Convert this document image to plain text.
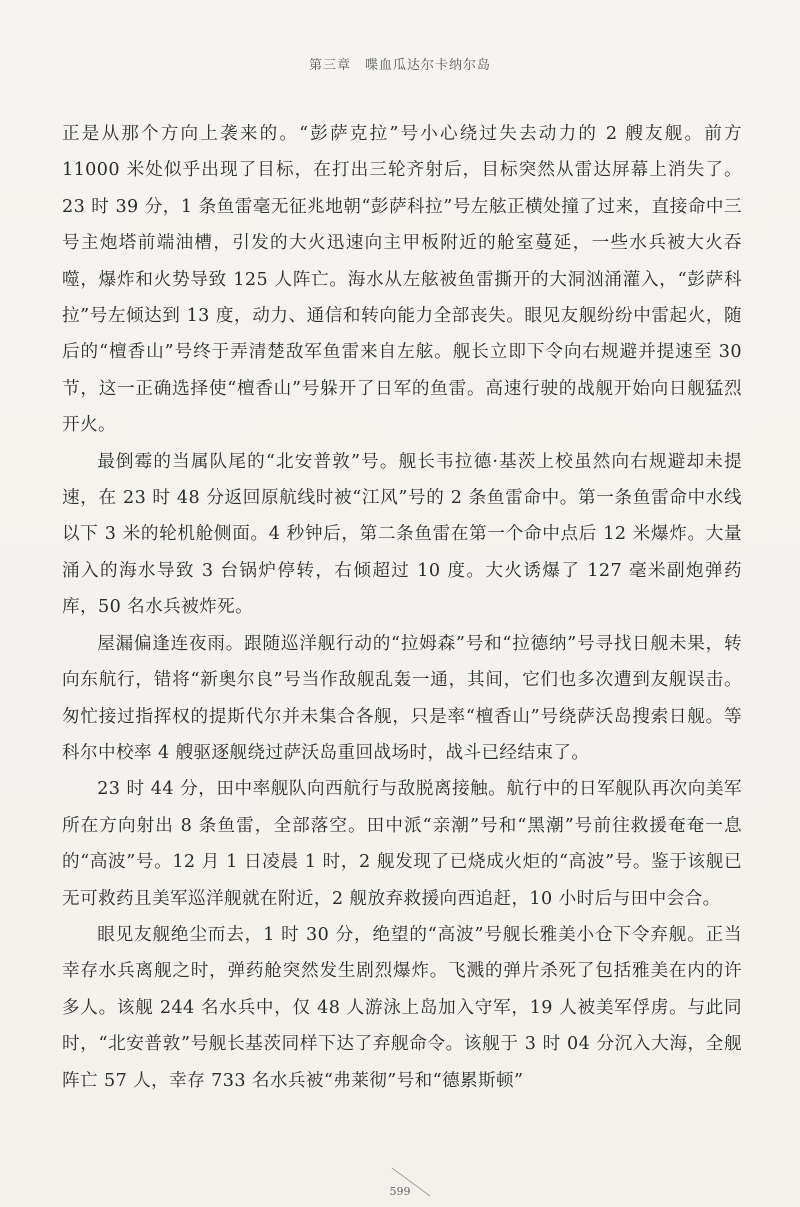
第三章　喋血瓜达尔卡纳尔岛

正是从那个方向上袭来的。“彭萨克拉”号小心绕过失去动力的 2 艘友舰。前方 11000 米处似乎出现了目标，在打出三轮齐射后，目标突然从雷达屏幕上消失了。23 时 39 分，1 条鱼雷毫无征兆地朝“彭萨科拉”号左舷正横处撞了过来，直接命中三号主炮塔前端油槽，引发的大火迅速向主甲板附近的舱室蔓延，一些水兵被大火吞噬，爆炸和火势导致 125 人阵亡。海水从左舷被鱼雷撕开的大洞汹涌灌入，“彭萨科拉”号左倾达到 13 度，动力、通信和转向能力全部丧失。眼见友舰纷纷中雷起火，随后的“檀香山”号终于弄清楚敌军鱼雷来自左舷。舰长立即下令向右规避并提速至 30 节，这一正确选择使“檀香山”号躲开了日军的鱼雷。高速行驶的战舰开始向日舰猛烈开火。

最倒霉的当属队尾的“北安普敦”号。舰长韦拉德·基茨上校虽然向右规避却未提速，在 23 时 48 分返回原航线时被“江风”号的 2 条鱼雷命中。第一条鱼雷命中水线以下 3 米的轮机舱侧面。4 秒钟后，第二条鱼雷在第一个命中点后 12 米爆炸。大量涌入的海水导致 3 台锅炉停转，右倾超过 10 度。大火诱爆了 127 毫米副炮弹药库，50 名水兵被炸死。

屋漏偏逢连夜雨。跟随巡洋舰行动的“拉姆森”号和“拉德纳”号寻找日舰未果，转向东航行，错将“新奥尔良”号当作敌舰乱轰一通，其间，它们也多次遭到友舰误击。匆忙接过指挥权的提斯代尔并未集合各舰，只是率“檀香山”号绕萨沃岛搜索日舰。等科尔中校率 4 艘驱逐舰绕过萨沃岛重回战场时，战斗已经结束了。

23 时 44 分，田中率舰队向西航行与敌脱离接触。航行中的日军舰队再次向美军所在方向射出 8 条鱼雷，全部落空。田中派“亲潮”号和“黑潮”号前往救援奄奄一息的“高波”号。12 月 1 日凌晨 1 时，2 舰发现了已烧成火炬的“高波”号。鉴于该舰已无可救药且美军巡洋舰就在附近，2 舰放弃救援向西追赶，10 小时后与田中会合。

眼见友舰绝尘而去，1 时 30 分，绝望的“高波”号舰长雅美小仓下令弃舰。正当幸存水兵离舰之时，弹药舱突然发生剧烈爆炸。飞溅的弹片杀死了包括雅美在内的许多人。该舰 244 名水兵中，仅 48 人游泳上岛加入守军，19 人被美军俘虏。与此同时，“北安普敦”号舰长基茨同样下达了弃舰命令。该舰于 3 时 04 分沉入大海，全舰阵亡 57 人，幸存 733 名水兵被“弗莱彻”号和“德累斯顿”

599
